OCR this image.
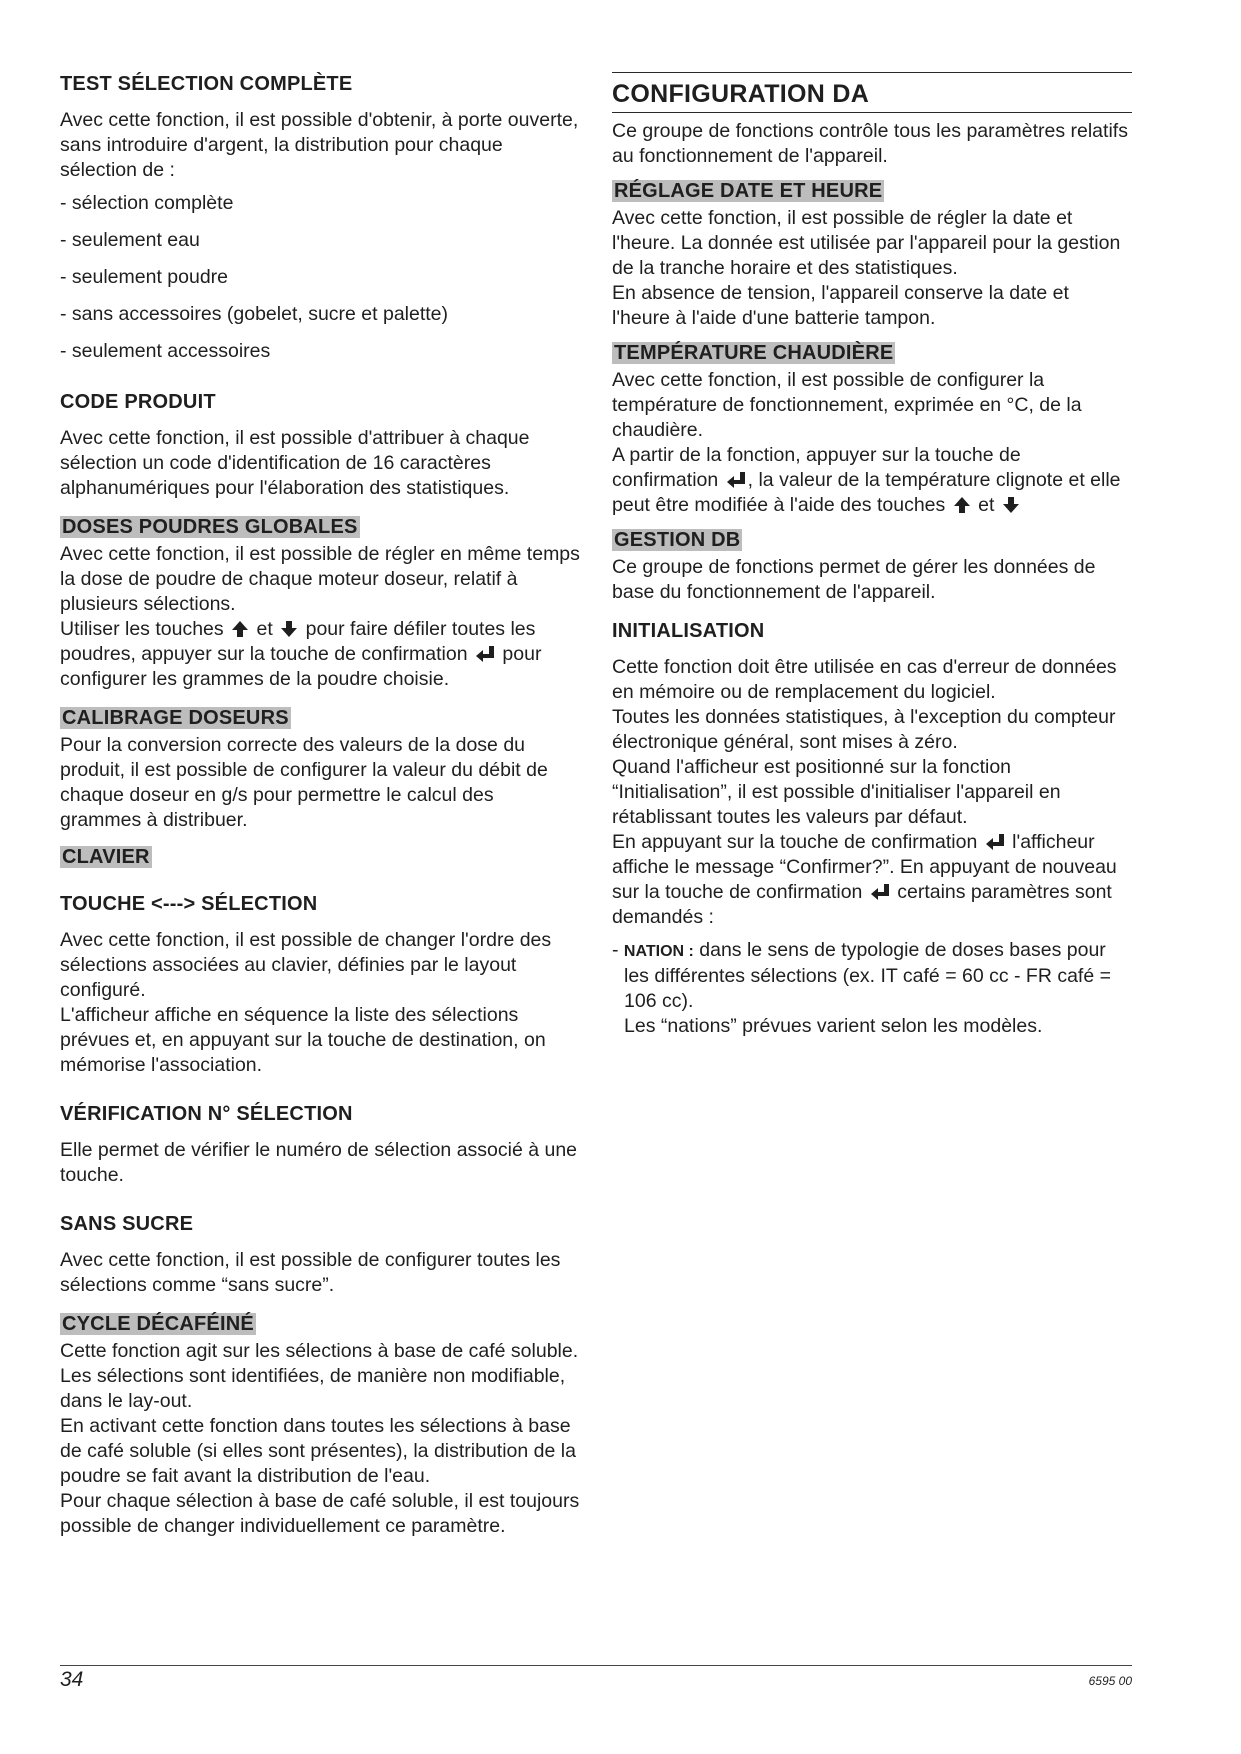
TEST SÉLECTION COMPLÈTE

Avec cette fonction, il est possible d'obtenir, à porte ouverte, sans introduire d'argent, la distribution pour chaque sélection de :

- sélection complète

- seulement eau

- seulement poudre

- sans accessoires (gobelet, sucre et palette)

- seulement accessoires

CODE PRODUIT

Avec cette fonction, il est possible d'attribuer à chaque sélection un code d'identification de 16 caractères alphanumériques pour l'élaboration des statistiques.

DOSES POUDRES GLOBALES

Avec cette fonction, il est possible de régler en même temps la dose de poudre de chaque moteur doseur, relatif à plusieurs sélections.

Utiliser les touches et pour faire défiler toutes les poudres, appuyer sur la touche de confirmation pour configurer les grammes de la poudre choisie.

CALIBRAGE DOSEURS

Pour la conversion correcte des valeurs de la dose du produit, il est possible de configurer la valeur du débit de chaque doseur en g/s pour permettre le calcul des grammes à distribuer.

CLAVIER
TOUCHE <---> SÉLECTION

Avec cette fonction, il est possible de changer l'ordre des sélections associées au clavier, définies par le layout configuré.

L'afficheur affiche en séquence la liste des sélections prévues et, en appuyant sur la touche de destination, on mémorise l'association.

VÉRIFICATION N° SÉLECTION

Elle permet de vérifier le numéro de sélection associé à une touche.

SANS SUCRE

Avec cette fonction, il est possible de configurer toutes les sélections comme “sans sucre”.

CYCLE DÉCAFÉINÉ

Cette fonction agit sur les sélections à base de café soluble. Les sélections sont identifiées, de manière non modifiable, dans le lay-out.

En activant cette fonction dans toutes les sélections à base de café soluble (si elles sont présentes), la distribution de la poudre se fait avant la distribution de l'eau.

Pour chaque sélection à base de café soluble, il est toujours possible de changer individuellement ce paramètre.

CONFIGURATION DA

Ce groupe de fonctions contrôle tous les paramètres relatifs au fonctionnement de l'appareil.

RÉGLAGE DATE ET HEURE

Avec cette fonction, il est possible de régler la date et l'heure. La donnée est utilisée par l'appareil pour la gestion de la tranche horaire et des statistiques.

En absence de tension, l'appareil conserve la date et l'heure à l'aide d'une batterie tampon.

TEMPÉRATURE CHAUDIÈRE

Avec cette fonction, il est possible de configurer la température de fonctionnement, exprimée en °C, de la chaudière.

A partir de la fonction, appuyer sur la touche de confirmation , la valeur de la température clignote et elle peut être modifiée à l'aide des touches et

GESTION DB

Ce groupe de fonctions permet de gérer les données de base du fonctionnement de l'appareil.

INITIALISATION

Cette fonction doit être utilisée en cas d'erreur de données en mémoire ou de remplacement du logiciel.

Toutes les données statistiques, à l'exception du compteur électronique général, sont mises à zéro.

Quand l'afficheur est positionné sur la fonction “Initialisation”, il est possible d'initialiser l'appareil en rétablissant toutes les valeurs par défaut.

En appuyant sur la touche de confirmation l'afficheur affiche le message “Confirmer?”. En appuyant de nouveau sur la touche de confirmation certains paramètres sont demandés :

- NATION : dans le sens de typologie de doses bases pour les différentes sélections (ex. IT café = 60 cc - FR café = 106 cc).
Les “nations” prévues varient selon les modèles.

34	6595 00
